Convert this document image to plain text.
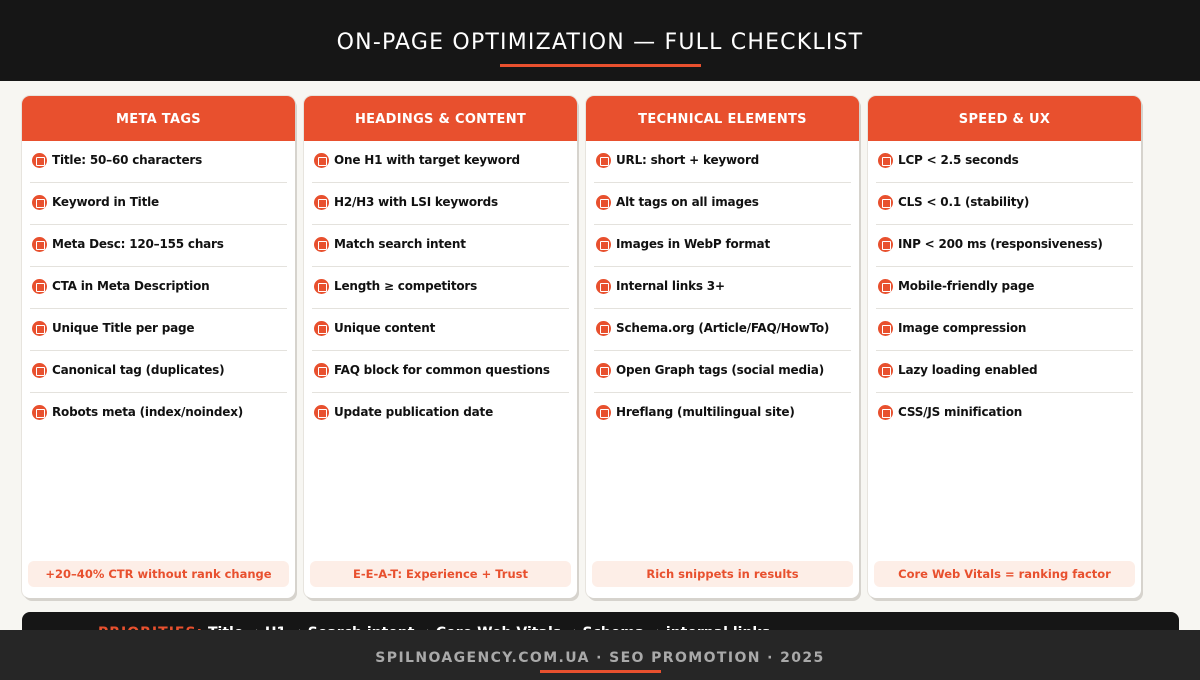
ON-PAGE OPTIMIZATION — FULL CHECKLIST
META TAGS
Title: 50–60 characters
Keyword in Title
Meta Desc: 120–155 chars
CTA in Meta Description
Unique Title per page
Canonical tag (duplicates)
Robots meta (index/noindex)
+20–40% CTR without rank change
HEADINGS & CONTENT
One H1 with target keyword
H2/H3 with LSI keywords
Match search intent
Length ≥ competitors
Unique content
FAQ block for common questions
Update publication date
E-E-A-T: Experience + Trust
TECHNICAL ELEMENTS
URL: short + keyword
Alt tags on all images
Images in WebP format
Internal links 3+
Schema.org (Article/FAQ/HowTo)
Open Graph tags (social media)
Hreflang (multilingual site)
Rich snippets in results
SPEED & UX
LCP < 2.5 seconds
CLS < 0.1 (stability)
INP < 200 ms (responsiveness)
Mobile-friendly page
Image compression
Lazy loading enabled
CSS/JS minification
Core Web Vitals = ranking factor
SPILNOAGENCY.COM.UA · SEO PROMOTION · 2025
